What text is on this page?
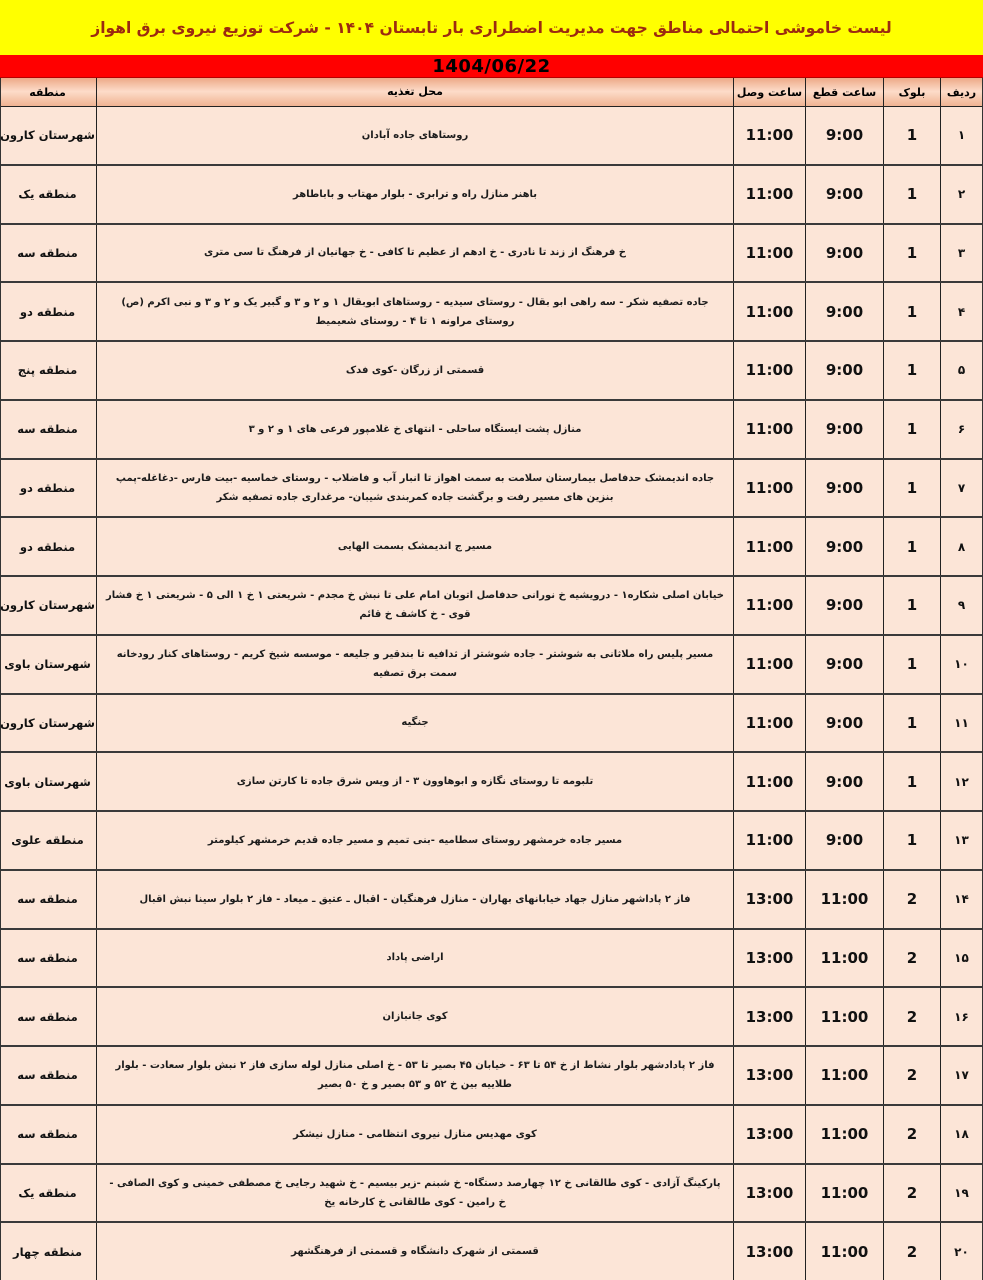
لیست خاموشی احتمالی مناطق جهت مدیریت اضطراری بار تابستان ۱۴۰۴ - شرکت توزیع نیروی برق اهواز
1404/06/22
ردیف
بلوک
ساعت قطع
ساعت وصل
محل تغذیه
منطقه
۱
1
9:00
11:00
روستاهای جاده آبادان
شهرستان کارون
۲
1
9:00
11:00
باهنر منازل راه و ترابری - بلوار مهتاب و باباطاهر
منطقه یک
۳
1
9:00
11:00
خ فرهنگ از زند تا نادری - خ ادهم از عظیم تا کافی - خ جهانیان از فرهنگ تا سی متری
منطقه سه
۴
1
9:00
11:00
جاده تصفیه شکر - سه راهی ابو بقال - روستای سیدیه - روستاهای ابوبقال ۱ و ۲ و ۳ و گبیر یک و ۲ و ۳ و نبی اکرم (ص) روستای مراونه ۱ تا ۴ - روستای شعیمیط
منطقه دو
۵
1
9:00
11:00
قسمتی از زرگان -کوی فدک
منطقه پنج
۶
1
9:00
11:00
منازل پشت ایستگاه ساحلی - انتهای خ غلامپور فرعی های ۱ و ۲ و ۳
منطقه سه
۷
1
9:00
11:00
جاده اندیمشک حدفاصل بیمارستان سلامت به سمت اهواز تا انبار آب و فاضلاب - روستای خماسیه -بیت فارس -دغاغله-پمپ بنزین های مسیر رفت و برگشت جاده کمربندی شیبان- مرغداری جاده تصفیه شکر
منطقه دو
۸
1
9:00
11:00
مسیر ج اندیمشک بسمت الهایی
منطقه دو
۹
1
9:00
11:00
خیابان اصلی شکاره۱ - درویشیه خ نورانی حدفاصل اتوبان امام علی تا نبش خ مجدم - شریعتی ۱ خ ۱ الی ۵ - شریعتی ۱ خ فشار قوی - خ کاشف خ قائم
شهرستان کارون
۱۰
1
9:00
11:00
مسیر پلیس راه ملاثانی به شوشتر - جاده شوشتر از ثدافیه تا بندقیر و جلیعه - موسسه شیخ کریم - روستاهای کنار رودخانه سمت برق تصفیه
شهرستان باوی
۱۱
1
9:00
11:00
جنگیه
شهرستان کارون
۱۲
1
9:00
11:00
تلبومه تا روستای نگازه و ابوهاوون ۳ - از ویس شرق جاده تا کارتن سازی
شهرستان باوی
۱۳
1
9:00
11:00
مسیر جاده خرمشهر روستای سطامیه -بنی تمیم و مسیر جاده قدیم خرمشهر کیلومتر
منطقه علوی
۱۴
2
11:00
13:00
فاز ۲ پاداشهر منازل جهاد خیابانهای بهاران - منازل فرهنگیان - اقبال ـ عتیق ـ میعاد - فاز ۲ بلوار سینا نبش اقبال
منطقه سه
۱۵
2
11:00
13:00
اراضی پاداد
منطقه سه
۱۶
2
11:00
13:00
کوی جانبازان
منطقه سه
۱۷
2
11:00
13:00
فاز ۲ پادادشهر بلوار نشاط از خ ۵۴ تا ۶۳ - خیابان ۴۵ بصیر تا ۵۳ - خ اصلی منازل لوله سازی فاز ۲ نبش بلوار سعادت - بلوار طلاییه بین خ ۵۲ و ۵۳ بصیر و خ ۵۰ بصیر
منطقه سه
۱۸
2
11:00
13:00
کوی مهدیس منازل نیروی انتظامی - منازل نیشکر
منطقه سه
۱۹
2
11:00
13:00
پارکینگ آزادی - کوی طالقانی خ ۱۲ چهارصد دستگاه- خ شبنم -زیر بیسیم - خ شهید رجایی خ مصطفی خمینی و کوی الصافی - خ رامین - کوی طالقانی خ کارخانه یخ
منطقه یک
۲۰
2
11:00
13:00
قسمتی از شهرک دانشگاه و قسمتی از فرهنگشهر
منطقه چهار
